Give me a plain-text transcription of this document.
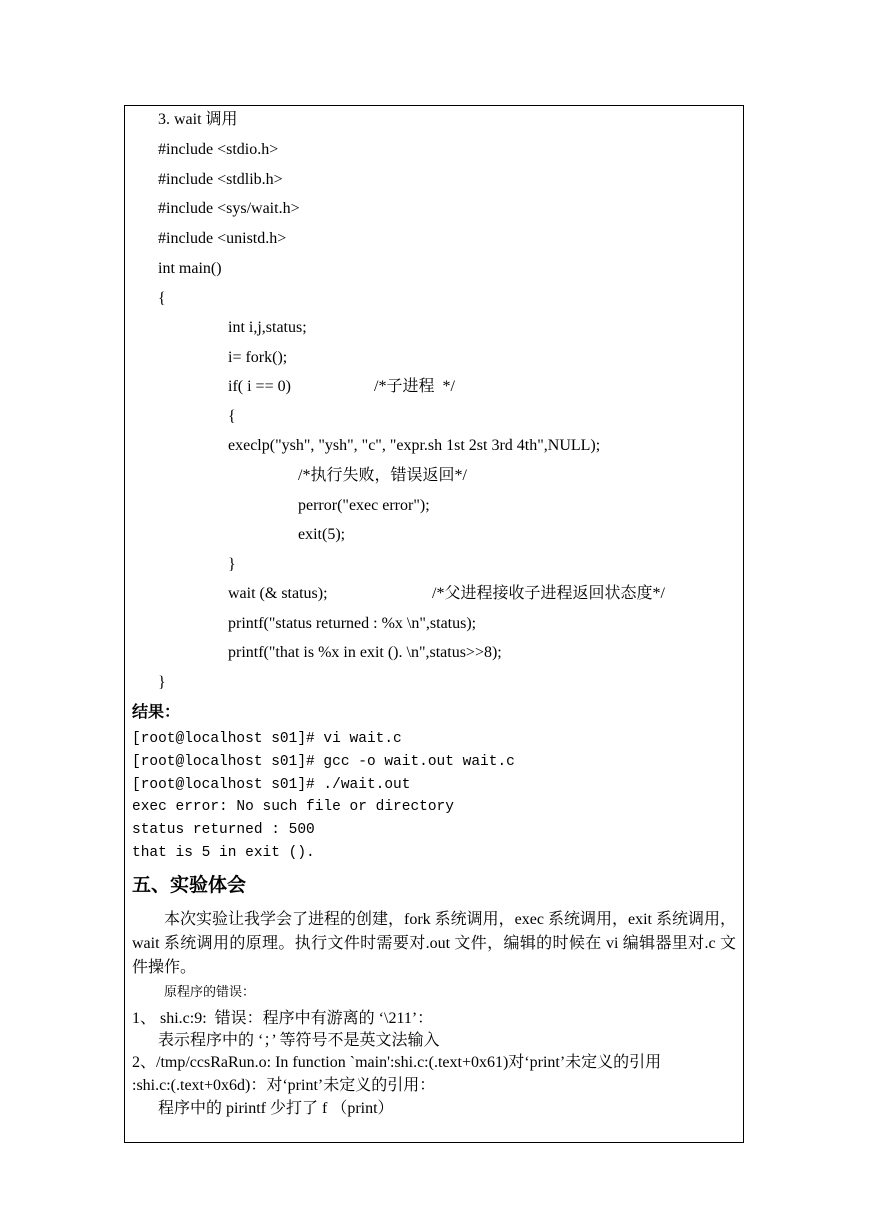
3. wait 调用
#include <stdio.h>
#include <stdlib.h>
#include <sys/wait.h>
#include <unistd.h>
int main()
{
int i,j,status;
i= fork();
if( i == 0)	/*子进程  */
{
execlp("ysh", "ysh", "c", "expr.sh 1st 2st 3rd 4th",NULL);
/*执行失败，错误返回*/
perror("exec error");
exit(5);
}
wait (& status);	/*父进程接收子进程返回状态度*/
printf("status returned : %x \n",status);
printf("that is %x in exit (). \n",status>>8);
}
结果：
[root@localhost s01]# vi wait.c
[root@localhost s01]# gcc -o wait.out wait.c
[root@localhost s01]# ./wait.out
exec error: No such file or directory
status returned : 500
that is 5 in exit ().
五、实验体会
本次实验让我学会了进程的创建，fork 系统调用，exec 系统调用，exit 系统调用，wait 系统调用的原理。执行文件时需要对.out 文件，编辑的时候在 vi 编辑器里对.c 文件操作。
原程序的错误：
1、 shi.c:9:  错误：程序中有游离的 ‘\211’：
表示程序中的 ‘；’ 等符号不是英文法输入
2、/tmp/ccsRaRun.o: In function `main':shi.c:(.text+0x61)对‘print’未定义的引用
:shi.c:(.text+0x6d)：对‘print’未定义的引用：
程序中的 pirintf 少打了 f （print）
